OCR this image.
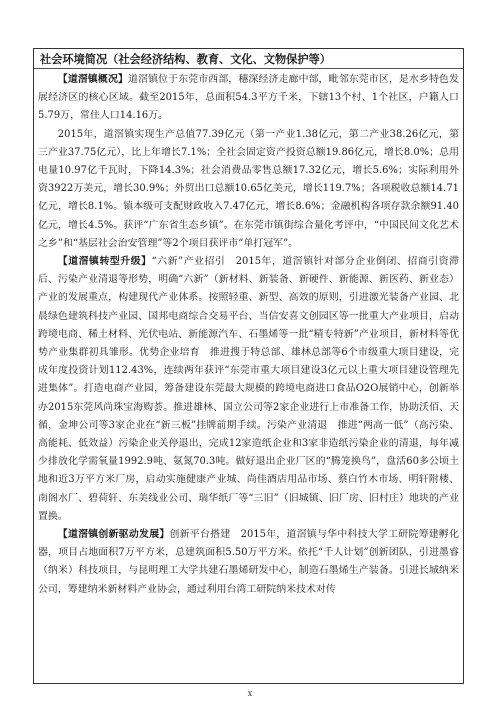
社会环境简况（社会经济结构、教育、文化、文物保护等）

【道滘镇概况】道滘镇位于东莞市西部，穗深经济走廊中部，毗邻东莞市区，是水乡特色发展经济区的核心区域。截至2015年，总面积54.3平方千米，下辖13个村、1个社区，户籍人口5.79万，常住人口14.16万。

2015年，道滘镇实现生产总值77.39亿元（第一产业1.38亿元，第二产业38.26亿元，第三产业37.75亿元），比上年增长7.1%；全社会固定资产投资总额19.86亿元，增长8.0%；总用电量10.97亿千瓦时，下降14.3%；社会消费品零售总额17.32亿元，增长5.6%；实际利用外资3922万美元，增长30.9%；外贸出口总额10.65亿美元，增长119.7%；各项税收总额14.71亿元，增长8.1%。镇本级可支配财政收入7.47亿元，增长8.6%；金融机构各项存款余额91.40亿元，增长4.5%。获评“广东省生态乡镇”。在东莞市镇街综合量化考评中，“中国民间文化艺术之乡”和“基层社会治安管理”等2个项目获评市“单打冠军”。

【道滘镇转型升级】“六新”产业招引　2015年，道滘镇针对部分企业倒闭、招商引资滞后、污染产业清退等形势，明确“六新”（新材料、新装备、新硬件、新能源、新医药、新业态）产业的发展重点，构建现代产业体系。按照轻重、新型、高效的原则，引进激光装备产业园、北晨绿色建筑科技产业园、国邦电商综合交易平台、当信安喜文创园区等一批重大产业项目，启动跨境电商、稀土材料、光伏电站、新能源汽车、石墨烯等一批“精专特新”产业项目，新材料等优势产业集群初具雏形。优势企业培育　推进搜于特总部、雄林总部等6个市级重大项目建设，完成年度投资计划112.43%，连续两年获评“东莞市重大项目建设3亿元以上重大项目建设管理先进集体”。打造电商产业园，筹备建设东莞最大规模的跨境电商进口食品O2O展销中心，创新举办2015东莞风尚珠宝海购荟。推进雄林、国立公司等2家企业进行上市准备工作，协助沃佰、天循，金坤公司等3家企业在“新三板”挂牌前期手续。污染产业清退　推进“两高一低”（高污染、高能耗、低效益）污染企业关停退出，完成12家造纸企业和3家非造纸污染企业的清退，每年减少排放化学需氧量1992.9吨、氨氮70.3吨。做好退出企业厂区的“腾笼换鸟”，盘活60多公顷土地和近3万平方米厂房，启动实施健康产业城、尚佳酒店用品市场、蔡白竹木市场、明轩附楼、南阁水厂、碧荷轩、东美线业公司、瑞华纸厂等“三旧”（旧城镇、旧厂房、旧村庄）地块的产业置换。

【道滘镇创新驱动发展】创新平台搭建　2015年，道滘镇与华中科技大学工研院筹建孵化器，项目占地面积7万平方米，总建筑面积5.50万平方米。依托“千人计划”创新团队，引进墨睿（纳米）科技项目，与昆明理工大学共建石墨烯研发中心，制造石墨烯生产装备。引进长城纳米公司，筹建纳米新材料产业协会，通过利用台湾工研院纳米技术对传

x
